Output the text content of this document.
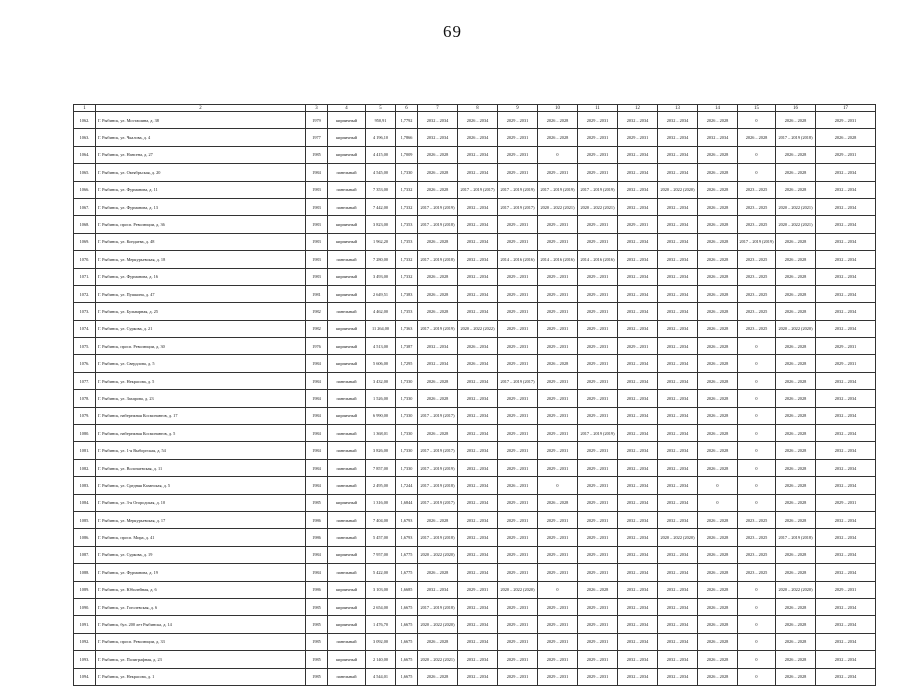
69
1	2	3	4	5	6	7	8	9	10	11	12	13	14	15	16	17	
1062.	Г. Рыбинск, ул. Мосташина, д. 38	1979	кирпичный	950,91	1,7792	2032 – 2034	2026 – 2034	2029 – 2031	2026 – 2028	2029 – 2031	2032 – 2034	2032 – 2034	2026 – 2028	0	2026 – 2028	2029 – 2031	
1063.	Г. Рыбинск, ул. Чкалова, д. 4	1977	кирпичный	4 196,10	1,7866	2032 – 2034	2026 – 2034	2029 – 2031	2026 – 2028	2029 – 2031	2029 – 2031	2032 – 2034	2032 – 2034	2026 – 2028	2017 – 2019 (2018)	2026 – 2028	
1064.	Г. Рыбинск, ул. Нансена, д. 27	1985	кирпичный	4 415,00	1,7009	2026 – 2028	2032 – 2034	2029 – 2031	0	2029 – 2031	2032 – 2034	2032 – 2034	2026 – 2028	0	2026 – 2028	2029 – 2031	
1065.	Г. Рыбинск, ул. Октябрьская, д. 20	1984	панельный	4 545,00	1,7330	2026 – 2028	2032 – 2034	2029 – 2031	2029 – 2031	2029 – 2031	2032 – 2034	2032 – 2034	2026 – 2028	0	2026 – 2028	2032 – 2034	
1066.	Г. Рыбинск, ул. Фурманова, д. 11	1983	панельный	7 353,00	1,7332	2026 – 2028	2017 – 2019 (2017)	2017 – 2019 (2019)	2017 – 2019 (2019)	2017 – 2019 (2019)	2032 – 2034	2020 – 2022 (2020)	2026 – 2028	2023 – 2025	2026 – 2028	2032 – 2034	
1067.	Г. Рыбинск, ул. Фурманова, д. 13	1983	панельный	7 442,00	1,7332	2017 – 2019 (2019)	2032 – 2034	2017 – 2019 (2017)	2020 – 2022 (2021)	2020 – 2022 (2021)	2032 – 2034	2032 – 2034	2026 – 2028	2023 – 2025	2020 – 2022 (2021)	2032 – 2034	
1068.	Г. Рыбинск, просп. Революции, д. 36	1983	кирпичный	3 823,00	1,7353	2017 – 2019 (2018)	2032 – 2034	2029 – 2031	2029 – 2031	2029 – 2031	2029 – 2031	2032 – 2034	2026 – 2028	2023 – 2025	2020 – 2022 (2021)	2032 – 2034	
1069.	Г. Рыбинск, ул. Кондаева, д. 48	1983	кирпичный	1 962,20	1,7353	2026 – 2028	2032 – 2034	2029 – 2031	2029 – 2031	2029 – 2031	2032 – 2034	2032 – 2034	2026 – 2028	2017 – 2019 (2019)	2026 – 2028	2032 – 2034	
1070.	Г. Рыбинск, ул. Меркурьевская, д. 18	1983	панельный	7 280,00	1,7332	2017 – 2019 (2018)	2032 – 2034	2014 – 2016 (2016)	2014 – 2016 (2016)	2014 – 2016 (2016)	2032 – 2034	2032 – 2034	2026 – 2028	2023 – 2025	2026 – 2028	2032 – 2034	
1071.	Г. Рыбинск, ул. Фурманова, д. 16	1983	кирпичный	3 493,00	1,7332	2026 – 2028	2032 – 2034	2029 – 2031	2029 – 2031	2029 – 2031	2032 – 2034	2032 – 2034	2026 – 2028	2023 – 2025	2026 – 2028	2032 – 2034	
1072.	Г. Рыбинск, ул. Пушкина, д. 47	1981	кирпичный	2 649,51	1,7383	2026 – 2028	2032 – 2034	2029 – 2031	2029 – 2031	2029 – 2031	2032 – 2034	2032 – 2034	2026 – 2028	2023 – 2025	2026 – 2028	2032 – 2034	
1073.	Г. Рыбинск, ул. Бульварная, д. 25	1982	панельный	4 462,00	1,7353	2026 – 2028	2032 – 2034	2029 – 2031	2029 – 2031	2029 – 2031	2032 – 2034	2032 – 2034	2026 – 2028	2023 – 2025	2026 – 2028	2032 – 2034	
1074.	Г. Рыбинск, ул. Суркова, д. 21	1982	кирпичный	11 264,00	1,7363	2017 – 2019 (2019)	2020 – 2022 (2022)	2029 – 2031	2029 – 2031	2029 – 2031	2032 – 2034	2032 – 2034	2026 – 2028	2023 – 2025	2020 – 2022 (2020)	2032 – 2034	
1075.	Г. Рыбинск, просп. Революции, д. 30	1976	кирпичный	4 513,00	1,7387	2032 – 2034	2026 – 2034	2029 – 2031	2029 – 2031	2029 – 2031	2029 – 2031	2032 – 2034	2026 – 2028	0	2026 – 2028	2029 – 2031	
1076.	Г. Рыбинск, ул. Свердлова, д. 5	1984	кирпичный	5 606,00	1,7295	2032 – 2034	2026 – 2034	2029 – 2031	2026 – 2028	2029 – 2031	2032 – 2034	2032 – 2034	2026 – 2028	0	2026 – 2028	2029 – 2031	
1077.	Г. Рыбинск, ул. Некрасова, д. 5	1984	панельный	3 432,00	1,7330	2026 – 2028	2032 – 2034	2017 – 2019 (2017)	2029 – 2031	2029 – 2031	2032 – 2034	2032 – 2034	2026 – 2028	0	2026 – 2028	2032 – 2034	
1078.	Г. Рыбинск, ул. Захарова, д. 23	1984	панельный	1 526,00	1,7330	2026 – 2028	2032 – 2034	2029 – 2031	2029 – 2031	2029 – 2031	2032 – 2034	2032 – 2034	2026 – 2028	0	2026 – 2028	2032 – 2034	
1079.	Г. Рыбинск, набережная Космонавтов, д. 17	1984	кирпичный	6 990,00	1,7330	2017 – 2019 (2017)	2032 – 2034	2029 – 2031	2029 – 2031	2029 – 2031	2032 – 2034	2032 – 2034	2026 – 2028	0	2026 – 2028	2032 – 2034	
1080.	Г. Рыбинск, набережная Космонавтов, д. 5	1984	панельный	1 368,01	1,7330	2026 – 2028	2032 – 2034	2029 – 2031	2029 – 2031	2017 – 2019 (2019)	2032 – 2034	2032 – 2034	2026 – 2028	0	2026 – 2028	2032 – 2034	
1081.	Г. Рыбинск, ул. 1-я Выборгская, д. 54	1984	панельный	3 826,00	1,7330	2017 – 2019 (2017)	2032 – 2034	2029 – 2031	2029 – 2031	2029 – 2031	2032 – 2034	2032 – 2034	2026 – 2028	0	2026 – 2028	2032 – 2034	
1082.	Г. Рыбинск, ул. Волочаевская, д. 11	1984	панельный	7 857,00	1,7330	2017 – 2019 (2019)	2032 – 2034	2029 – 2031	2029 – 2031	2029 – 2031	2032 – 2034	2032 – 2034	2026 – 2028	0	2026 – 2028	2032 – 2034	
1083.	Г. Рыбинск, ул. Средняя Казанская, д. 5	1984	панельный	2 495,00	1,7244	2017 – 2019 (2018)	2032 – 2034	2026 – 2031	0	2029 – 2031	2032 – 2034	2032 – 2034	0	0	2026 – 2028	2032 – 2034	
1084.	Г. Рыбинск, ул. 3-я Огородская, д. 10	1985	кирпичный	1 316,00	1,6844	2017 – 2019 (2017)	2032 – 2034	2029 – 2031	2026 – 2028	2029 – 2031	2032 – 2034	2032 – 2034	0	0	2026 – 2028	2029 – 2031	
1085.	Г. Рыбинск, ул. Меркурьевская, д. 17	1986	панельный	7 404,00	1,6793	2026 – 2028	2032 – 2034	2029 – 2031	2029 – 2031	2029 – 2031	2032 – 2034	2032 – 2034	2026 – 2028	2023 – 2025	2026 – 2028	2032 – 2034	
1086.	Г. Рыбинск, просп. Мира, д. 41	1986	панельный	5 457,00	1,6793	2017 – 2019 (2018)	2032 – 2034	2029 – 2031	2029 – 2031	2029 – 2031	2032 – 2034	2020 – 2022 (2020)	2026 – 2028	2023 – 2025	2017 – 2019 (2018)	2032 – 2034	
1087.	Г. Рыбинск, ул. Суркова, д. 19	1984	кирпичный	7 957,00	1,6775	2020 – 2022 (2020)	2032 – 2034	2029 – 2031	2029 – 2031	2029 – 2031	2032 – 2034	2032 – 2034	2026 – 2028	2023 – 2025	2026 – 2028	2032 – 2034	
1088.	Г. Рыбинск, ул. Фурманова, д. 19	1984	панельный	5 422,00	1,6775	2026 – 2028	2032 – 2034	2029 – 2031	2029 – 2031	2029 – 2031	2032 – 2034	2032 – 2034	2026 – 2028	2023 – 2025	2026 – 2028	2032 – 2034	
1089.	Г. Рыбинск, ул. Юбилейная, д. 6	1986	кирпичный	3 103,00	1,6685	2032 – 2034	2029 – 2031	2020 – 2022 (2020)	0	2026 – 2028	2032 – 2034	2032 – 2034	2026 – 2028	0	2020 – 2022 (2020)	2029 – 2031	
1090.	Г. Рыбинск, ул. Гоголевская, д. 6	1985	кирпичный	2 654,00	1,6675	2017 – 2019 (2018)	2032 – 2034	2029 – 2031	2029 – 2031	2029 – 2031	2032 – 2034	2032 – 2034	2026 – 2028	0	2026 – 2028	2032 – 2034	
1091.	Г. Рыбинск, бул. 200 лет Рыбинска, д. 14	1985	кирпичный	1 476,70	1,6675	2020 – 2022 (2020)	2032 – 2034	2029 – 2031	2029 – 2031	2029 – 2031	2032 – 2034	2032 – 2034	2026 – 2028	0	2026 – 2028	2032 – 2034	
1092.	Г. Рыбинск, просп. Революции, д. 33	1985	панельный	3 092,00	1,6675	2026 – 2028	2032 – 2034	2029 – 2031	2029 – 2031	2029 – 2031	2032 – 2034	2032 – 2034	2026 – 2028	0	2026 – 2028	2032 – 2034	
1093.	Г. Рыбинск, ул. Полиграфная, д. 23	1985	кирпичный	2 140,00	1,6675	2020 – 2022 (2021)	2032 – 2034	2029 – 2031	2029 – 2031	2029 – 2031	2032 – 2034	2032 – 2034	2026 – 2028	0	2026 – 2028	2032 – 2034	
1094.	Г. Рыбинск, ул. Некрасова, д. 1	1985	панельный	4 544,01	1,6675	2026 – 2028	2032 – 2034	2029 – 2031	2029 – 2031	2029 – 2031	2032 – 2034	2032 – 2034	2026 – 2028	0	2026 – 2028	2032 – 2034	
